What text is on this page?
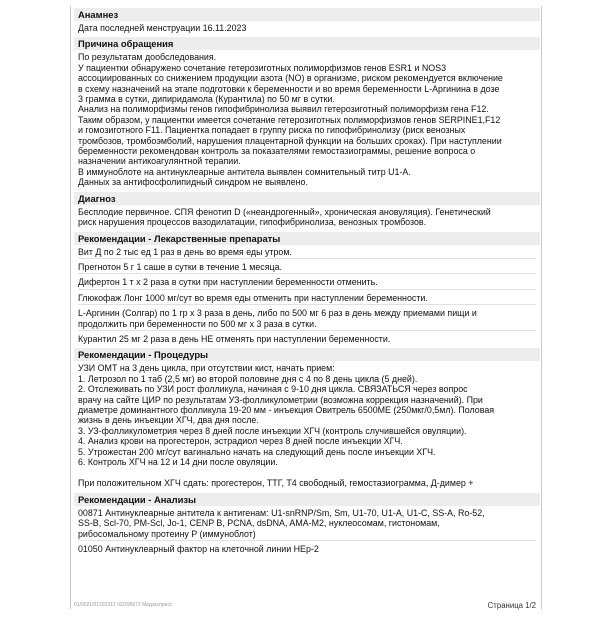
Анамнез
Дата последней менструации 16.11.2023
Причина обращения
По результатам дообследования.
У пациентки обнаружено сочетание гетерозиготных полиморфизмов генов ESR1 и NOS3
ассоциированных со снижением продукции азота (NO) в организме, риском рекомендуется включение
в схему назначений на этапе подготовки к беременности и во время беременности L-Аргинина в дозе
3 грамма в сутки, дипиридамола (Курантила) по 50 мг в сутки.
Анализ на полиморфизмы генов гипофибринолиза выявил гетерозиготный полиморфизм гена F12.
Таким образом, у пациентки имеется сочетание гетерозиготных полиморфизмов генов SERPINE1,F12
и гомозиготного F11. Пациентка попадает в группу риска по гипофибринолизу (риск венозных
тромбозов, тромбоэмболий, нарушения плацентарной функции на больших сроках). При наступлении
беременности рекомендован контроль за показателями гемостазиограммы, решение вопроса о
назначении антикоагулянтной терапии.
В иммуноблоте на антинуклеарные антитела выявлен сомнительный титр U1-A.
Данных за антифосфолипидный синдром не выявлено.
Диагноз
Бесплодие первичное. СПЯ фенотип D («неандрогенный», хроническая ановуляция). Генетический
риск нарушения процессов вазодилатации, гипофибринолиза, венозных тромбозов.
Рекомендации - Лекарственные препараты
Вит Д по 2 тыс ед 1 раз в день во время еды утром.
Прегнотон 5 г 1 саше в сутки в течение 1 месяца.
Дифертон 1 т х 2 раза в сутки при наступлении беременности отменить.
Глюкофаж Лонг 1000 мг/сут во время еды отменить при наступлении беременности.
L-Аргинин (Солгар) по 1 гр х 3 раза в день, либо по 500 мг 6 раз в день между приемами пищи и
продолжить при беременности по 500 мг х 3 раза в сутки.
Курантил 25 мг 2 раза в день НЕ отменять при наступлении беременности.
Рекомендации - Процедуры
УЗИ ОМТ на 3 день цикла, при отсутствии кист, начать прием:
1. Летрозол по 1 таб (2,5 мг) во второй половине дня с 4 по 8 день цикла (5 дней).
2. Отслеживать по УЗИ рост фолликула, начиная с 9-10 дня цикла. СВЯЗАТЬСЯ через вопрос
врачу на сайте ЦИР по результатам УЗ-фолликулометрии (возможна коррекция назначений). При
диаметре доминантного фолликула 19-20 мм - инъекция Овитрель 6500МЕ (250мкг/0,5мл). Половая
жизнь в день инъекции ХГЧ, два дня после.
3. УЗ-фолликулометрия через 8 дней после инъекции ХГЧ (контроль случившейся овуляции).
4. Анализ крови на прогестерон, эстрадиол через 8 дней после инъекции ХГЧ.
5. Утрожестан 200 мг/сут вагинально начать на следующий день после инъекции ХГЧ.
6. Контроль ХГЧ на 12 и 14 дни после овуляции.
При положительном ХГЧ сдать: прогестерон, ТТГ, Т4 свободный, гемостазиограмма, Д-димер +
Рекомендации - Анализы
00871 Антинуклеарные антитела к антигенам: U1-snRNP/Sm, Sm, U1-70, U1-A, U1-C, SS-A, Ro-52,
SS-B, Scl-70, PM-Scl, Jo-1, CENP B, PCNA, dsDNA, AMA-M2, нуклеосомам, гистономам,
рибосомальному протеину P (иммуноблот)
01050 Антинуклеарный фактор на клеточной линии HEp-2
01/0021/01202312 02/295672 Медэкспресс	Страница 1/2
